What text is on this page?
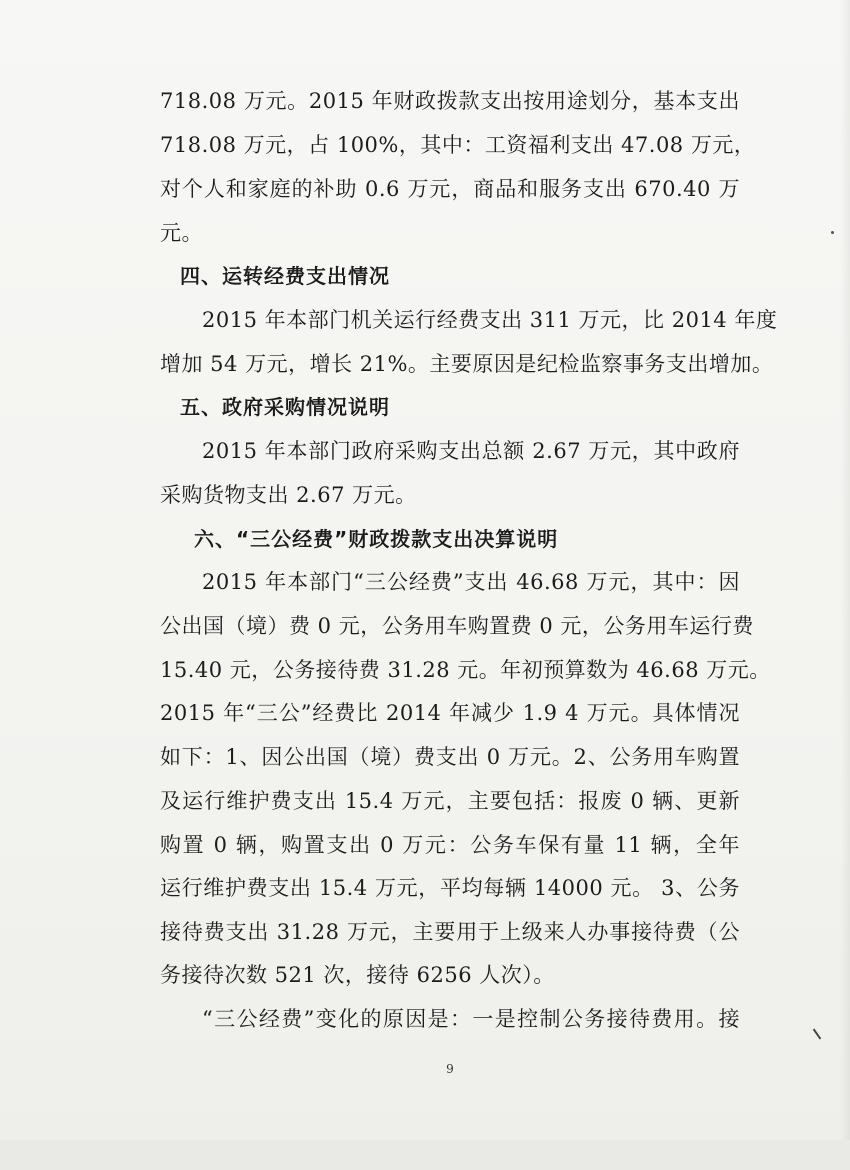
718.08 万元。2015 年财政拨款支出按用途划分，基本支出
718.08 万元，占 100%，其中：工资福利支出 47.08 万元，
对个人和家庭的补助 0.6 万元，商品和服务支出 670.40 万
元。
四、运转经费支出情况
2015 年本部门机关运行经费支出 311 万元，比 2014 年度
增加 54 万元，增长 21%。主要原因是纪检监察事务支出增加。
五、政府采购情况说明
2015 年本部门政府采购支出总额 2.67 万元，其中政府
采购货物支出 2.67 万元。
六、“三公经费”财政拨款支出决算说明
2015 年本部门“三公经费”支出 46.68 万元，其中：因
公出国（境）费 0 元，公务用车购置费 0 元，公务用车运行费
15.40 元，公务接待费 31.28 元。年初预算数为 46.68 万元。
2015 年“三公”经费比 2014 年减少 1.9 4 万元。具体情况
如下：1、因公出国（境）费支出 0 万元。2、公务用车购置
及运行维护费支出 15.4 万元，主要包括：报废 0 辆、更新
购置 0 辆，购置支出 0 万元：公务车保有量 11 辆，全年
运行维护费支出 15.4 万元，平均每辆 14000 元。 3、公务
接待费支出 31.28 万元，主要用于上级来人办事接待费（公
务接待次数 521 次，接待 6256 人次）。
“三公经费”变化的原因是：一是控制公务接待费用。接
9
